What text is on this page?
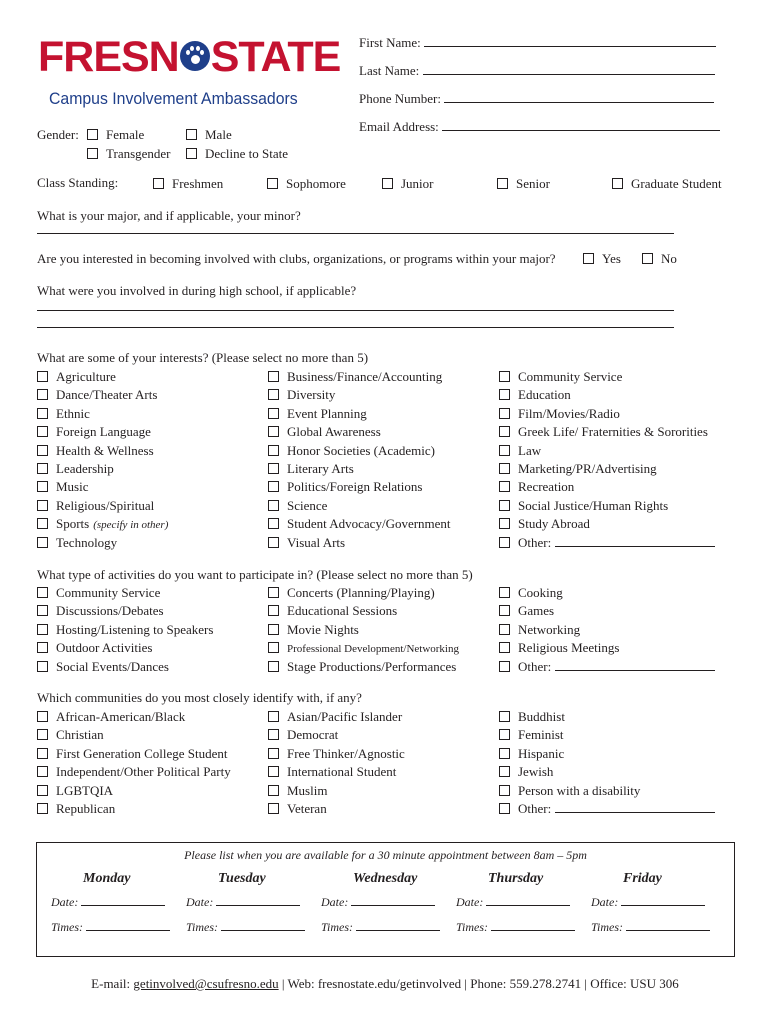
FRESN STATE
Campus Involvement Ambassadors
First Name:
Last Name:
Phone Number:
Email Address:
Gender:	Female	Male
Transgender	Decline to State
Class Standing:	Freshmen	Sophomore	Junior	Senior	Graduate Student
What is your major, and if applicable, your minor?
Are you interested in becoming involved with clubs, organizations, or programs within your major?	Yes	No
What were you involved in during high school, if applicable?
What are some of your interests? (Please select no more than 5)
Agriculture
Dance/Theater Arts
Ethnic
Foreign Language
Health & Wellness
Leadership
Music
Religious/Spiritual
Sports (specify in other)
Technology
Business/Finance/Accounting
Diversity
Event Planning
Global Awareness
Honor Societies (Academic)
Literary Arts
Politics/Foreign Relations
Science
Student Advocacy/Government
Visual Arts
Community Service
Education
Film/Movies/Radio
Greek Life/ Fraternities & Sororities
Law
Marketing/PR/Advertising
Recreation
Social Justice/Human Rights
Study Abroad
Other:
What type of activities do you want to participate in? (Please select no more than 5)
Community Service
Discussions/Debates
Hosting/Listening to Speakers
Outdoor Activities
Social Events/Dances
Concerts (Planning/Playing)
Educational Sessions
Movie Nights
Professional Development/Networking
Stage Productions/Performances
Cooking
Games
Networking
Religious Meetings
Other:
Which communities do you most closely identify with, if any?
African-American/Black
Christian
First Generation College Student
Independent/Other Political Party
LGBTQIA
Republican
Asian/Pacific Islander
Democrat
Free Thinker/Agnostic
International Student
Muslim
Veteran
Buddhist
Feminist
Hispanic
Jewish
Person with a disability
Other:
Please list when you are available for a 30 minute appointment between 8am – 5pm
Monday
Date:
Times:
Tuesday
Date:
Times:
Wednesday
Date:
Times:
Thursday
Date:
Times:
Friday
Date:
Times:
E-mail: getinvolved@csufresno.edu | Web: fresnostate.edu/getinvolved | Phone: 559.278.2741 | Office: USU 306
